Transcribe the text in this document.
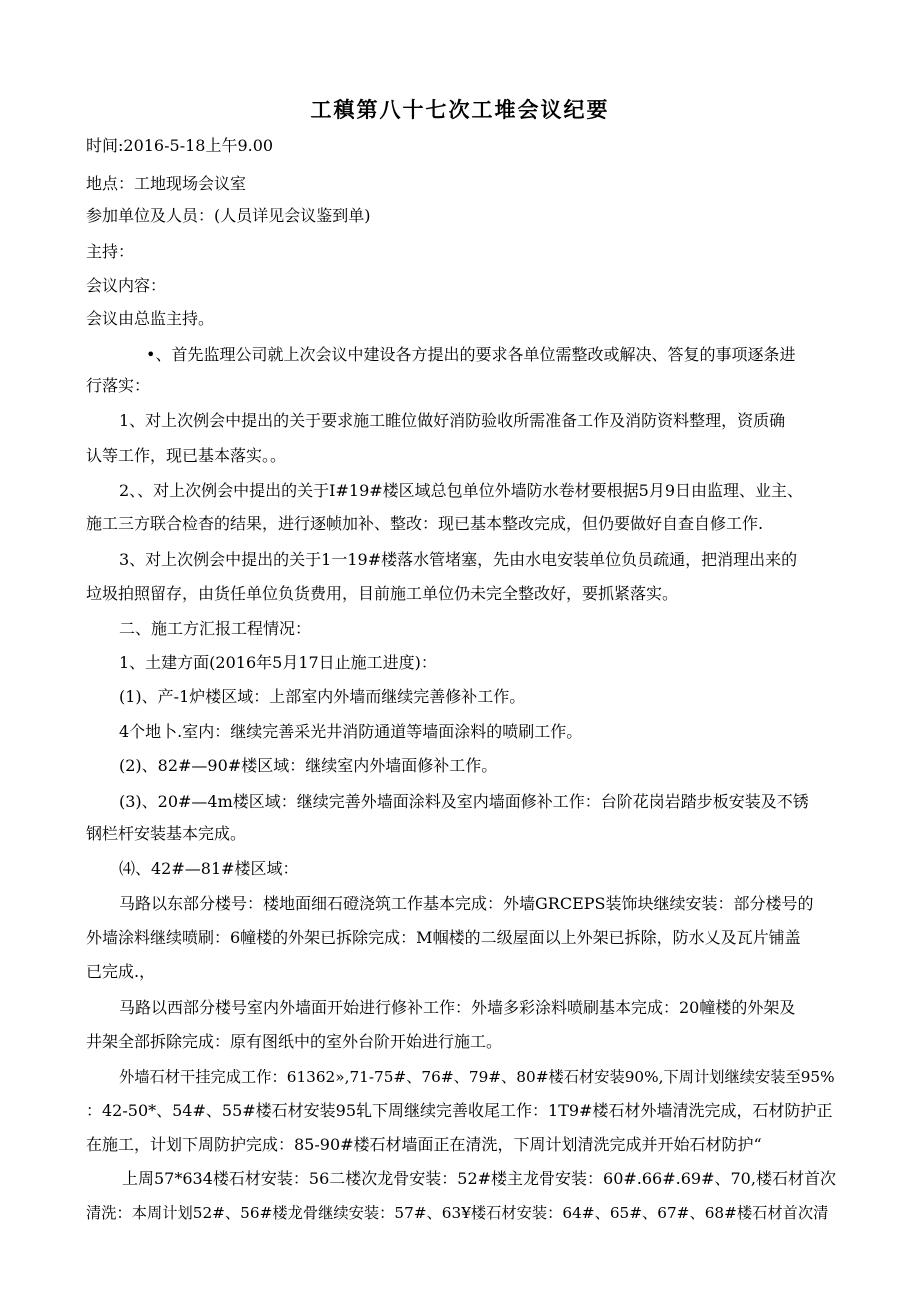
工稹第八十七次工堆会议纪要
时间:2016-5-18上午9.00
地点：工地现场会议室
参加单位及人员：(人员详见会议鉴到单)
主持：
会议内容：
会议由总监主持。
•、首先监理公司就上次会议中建设各方提出的要求各单位需整改或解决、答复的事项逐条进
行落实：
1、对上次例会中提出的关于要求施工睢位做好消防验收所需准备工作及消防资料整理，资质确
认等工作，现已基本落实。。
2、、对上次例会中提出的关于I#19#楼区域总包单位外墙防水卷材要根据5月9日由监理、业主、
施工三方联合检杳的结果，进行逐帧加补、整改：现已基本整改完成，但仍要做好自查自修工作.
3、对上次例会中提出的关于1一19#楼落水管堵塞，先由水电安装单位负员疏通，把消理出来的
垃圾拍照留存，由货任单位负货费用，目前施工单位仍未完全整改好，要抓紧落实。
二、施工方汇报工程情况：
1、土建方面(2016年5月17日止施工进度)：
(1)、产-1炉楼区域：上部室内外墙而继续完善修补工作。
4个地卜.室内：继续完善采光井消防通道等墙面涂料的喷刷工作。
(2)、82#—90#楼区域：继续室内外墙面修补工作。
(3)、20#—4m楼区域：继续完善外墙面涂料及室内墙面修补工作：台阶花岗岩踏步板安装及不锈
钢栏杆安装基本完成。
⑷、42#—81#楼区域：
马路以东部分楼号：楼地面细石磴浇筑工作基本完成：外墙GRCEPS装饰块继续安装：部分楼号的
外墙涂料继续喷刷：6幢楼的外架已拆除完成：M帼楼的二级屋面以上外架已拆除，防水乂及瓦片铺盖
已完成.，
马路以西部分楼号室内外墙面开始进行修补工作：外墙多彩涂料喷刷基本完成：20幢楼的外架及
井架全部拆除完成：原有图纸中的室外台阶开始进行施工。
外墙石材干挂完成工作：61362»,71-75#、76#、79#、80#楼石材安装90%,下周计划继续安装至95%
：42-50*、54#、55#楼石材安装95轧下周继续完善收尾工作：1T9#楼石材外墙清洗完成，石材防护正
在施工，计划下周防护完成：85-90#楼石材墙面正在清洗，下周计划清洗完成并开始石材防护“
上周57*634楼石材安装：56二楼次龙骨安装：52#楼主龙骨安装：60#.66#.69#、70,楼石材首次
清洗：本周计划52#、56#楼龙骨继续安装：57#、63¥楼石材安装：64#、65#、67#、68#楼石材首次清
